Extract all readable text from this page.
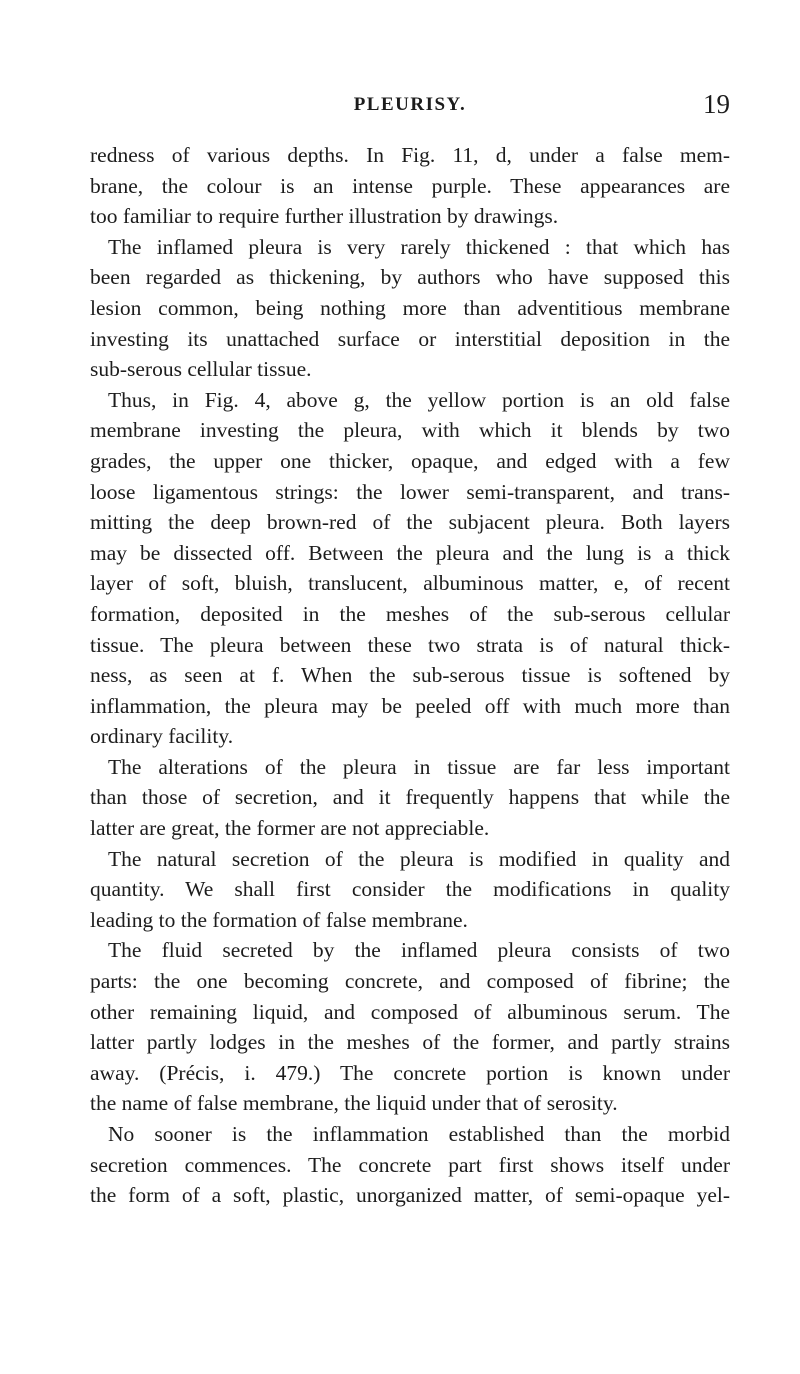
PLEURISY.	19
redness of various depths. In Fig. 11, d, under a false mem-
brane, the colour is an intense purple. These appearances are
too familiar to require further illustration by drawings.
The inflamed pleura is very rarely thickened : that which has
been regarded as thickening, by authors who have supposed this
lesion common, being nothing more than adventitious membrane
investing its unattached surface or interstitial deposition in the
sub-serous cellular tissue.
Thus, in Fig. 4, above g, the yellow portion is an old false
membrane investing the pleura, with which it blends by two
grades, the upper one thicker, opaque, and edged with a few
loose ligamentous strings: the lower semi-transparent, and trans-
mitting the deep brown-red of the subjacent pleura. Both layers
may be dissected off. Between the pleura and the lung is a thick
layer of soft, bluish, translucent, albuminous matter, e, of recent
formation, deposited in the meshes of the sub-serous cellular
tissue. The pleura between these two strata is of natural thick-
ness, as seen at f. When the sub-serous tissue is softened by
inflammation, the pleura may be peeled off with much more than
ordinary facility.
The alterations of the pleura in tissue are far less important
than those of secretion, and it frequently happens that while the
latter are great, the former are not appreciable.
The natural secretion of the pleura is modified in quality and
quantity. We shall first consider the modifications in quality
leading to the formation of false membrane.
The fluid secreted by the inflamed pleura consists of two
parts: the one becoming concrete, and composed of fibrine; the
other remaining liquid, and composed of albuminous serum. The
latter partly lodges in the meshes of the former, and partly strains
away. (Précis, i. 479.) The concrete portion is known under
the name of false membrane, the liquid under that of serosity.
No sooner is the inflammation established than the morbid
secretion commences. The concrete part first shows itself under
the form of a soft, plastic, unorganized matter, of semi-opaque yel-
